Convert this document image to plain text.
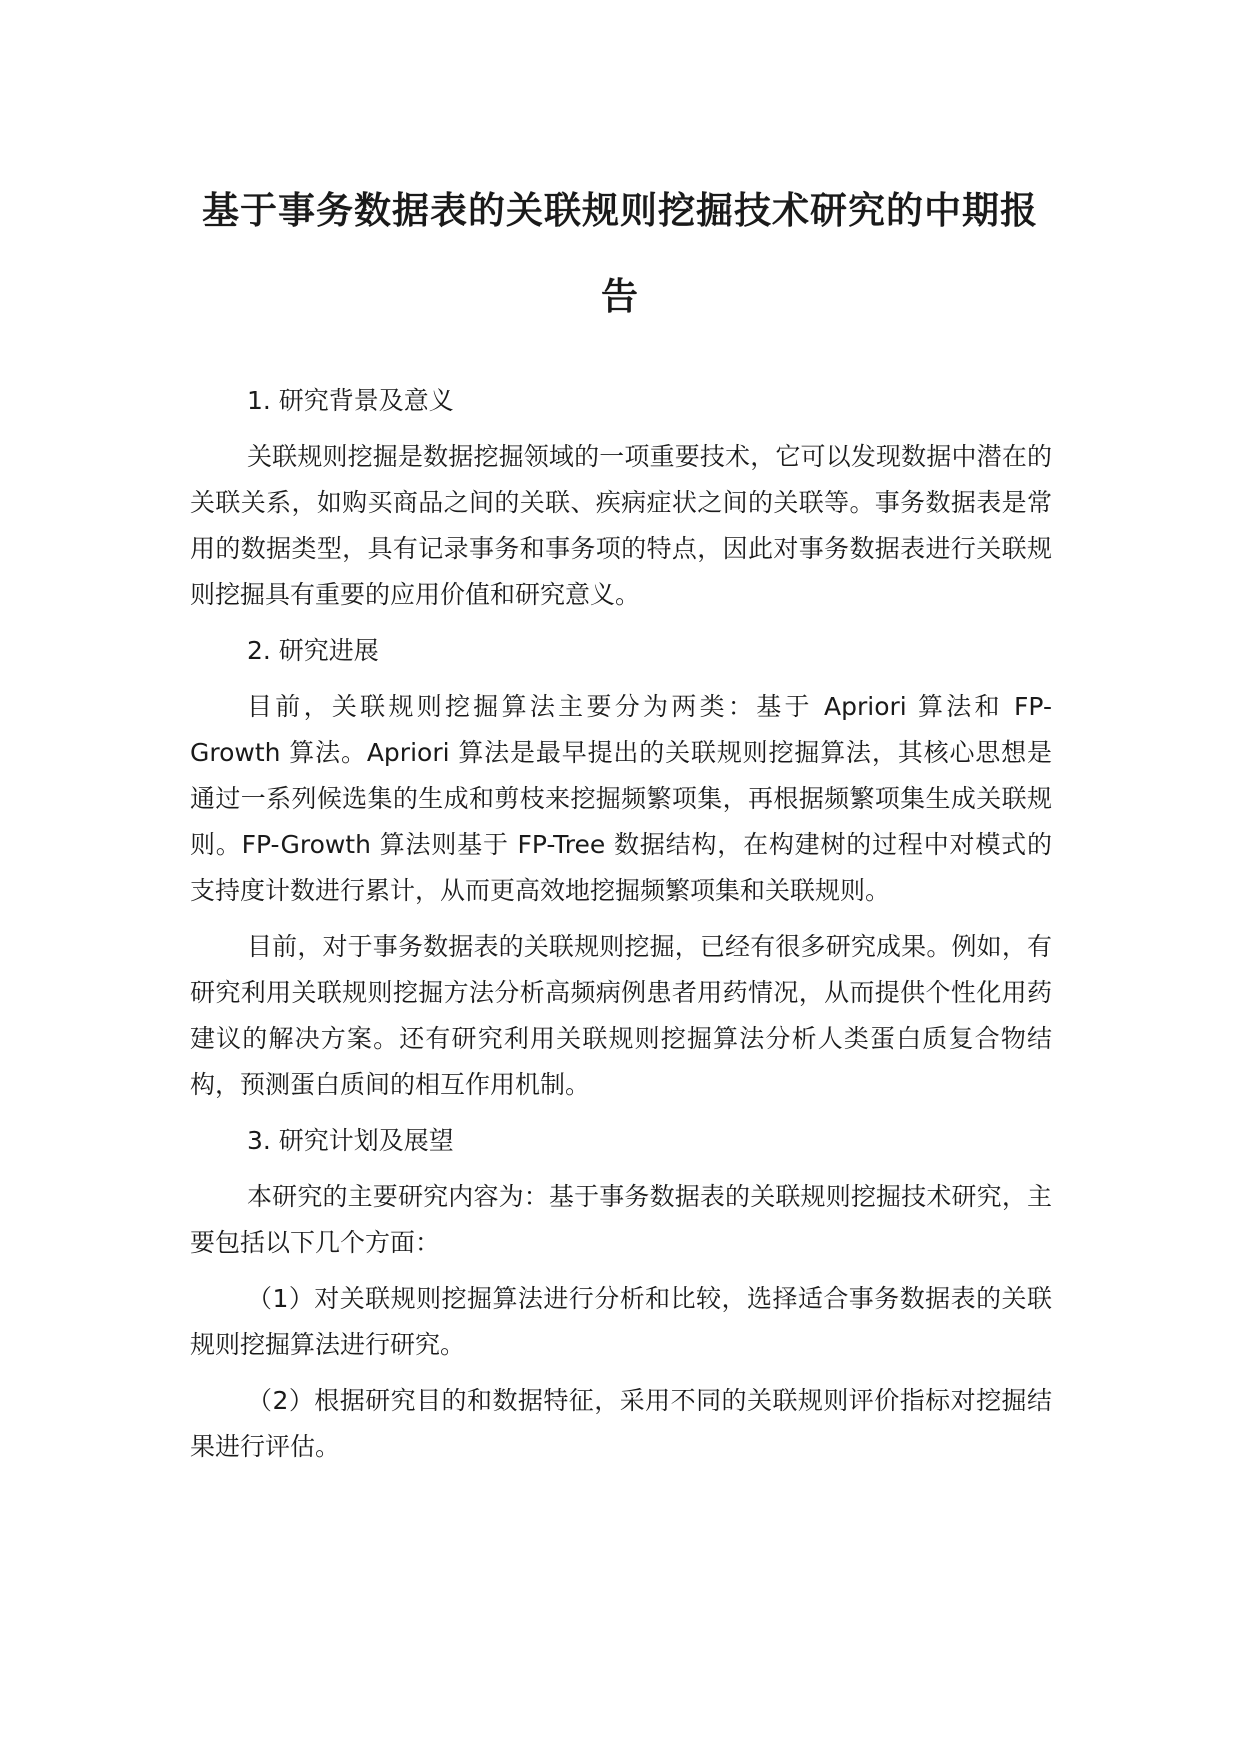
基于事务数据表的关联规则挖掘技术研究的中期报告

1. 研究背景及意义

关联规则挖掘是数据挖掘领域的一项重要技术，它可以发现数据中潜在的关联关系，如购买商品之间的关联、疾病症状之间的关联等。事务数据表是常用的数据类型，具有记录事务和事务项的特点，因此对事务数据表进行关联规则挖掘具有重要的应用价值和研究意义。

2. 研究进展

目前，关联规则挖掘算法主要分为两类：基于 Apriori 算法和 FP-Growth 算法。Apriori 算法是最早提出的关联规则挖掘算法，其核心思想是通过一系列候选集的生成和剪枝来挖掘频繁项集，再根据频繁项集生成关联规则。FP-Growth 算法则基于 FP-Tree 数据结构，在构建树的过程中对模式的支持度计数进行累计，从而更高效地挖掘频繁项集和关联规则。

目前，对于事务数据表的关联规则挖掘，已经有很多研究成果。例如，有研究利用关联规则挖掘方法分析高频病例患者用药情况，从而提供个性化用药建议的解决方案。还有研究利用关联规则挖掘算法分析人类蛋白质复合物结构，预测蛋白质间的相互作用机制。

3. 研究计划及展望

本研究的主要研究内容为：基于事务数据表的关联规则挖掘技术研究，主要包括以下几个方面：

（1）对关联规则挖掘算法进行分析和比较，选择适合事务数据表的关联规则挖掘算法进行研究。

（2）根据研究目的和数据特征，采用不同的关联规则评价指标对挖掘结果进行评估。
